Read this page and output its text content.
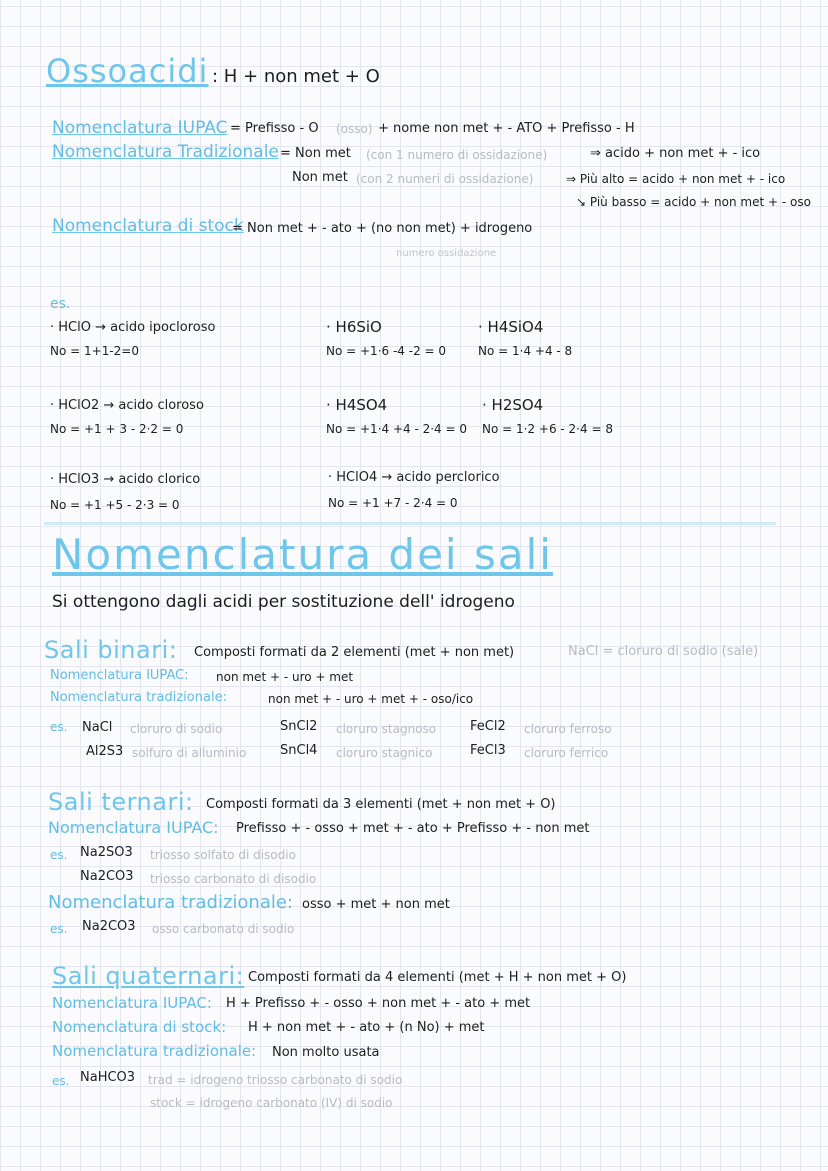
Ossoacidi : H + non met + O
Nomenclatura IUPAC = Prefisso - O (osso) + nome non met + - ATO + Prefisso - H
Nomenclatura Tradizionale = Non met (con 1 numero di ossidazione)	⇒ acido + non met + - ico
Non met (con 2 numeri di ossidazione)	⇒ Più alto = acido + non met + - ico
↘ Più basso = acido + non met + - oso
Nomenclatura di stock
= Non met + - ato + (no non met) + idrogeno
numero ossidazione
es.
· HClO → acido ipocloroso
No = 1+1-2=0
· H6SiO
No = +1·6 -4 -2 = 0
· H4SiO4
No = 1·4 +4 - 8
· HClO2 → acido cloroso
No = +1 + 3 - 2·2 = 0
· H4SO4
No = +1·4 +4 - 2·4 = 0
· H2SO4
No = 1·2 +6 - 2·4 = 8
· HClO3 → acido clorico
No = +1 +5 - 2·3 = 0
· HClO4 → acido perclorico
No = +1 +7 - 2·4 = 0
Nomenclatura dei sali
Si ottengono dagli acidi per sostituzione dell' idrogeno
Sali binari: Composti formati da 2 elementi (met + non met)	NaCl = cloruro di sodio (sale)
Nomenclatura IUPAC: non met + - uro + met
Nomenclatura tradizionale:	non met + - uro + met + - oso/ico
es. NaCl cloruro di sodio	SnCl2 cloruro stagnoso	FeCl2 cloruro ferroso
Al2S3 solfuro di alluminio	SnCl4 cloruro stagnico	FeCl3 cloruro ferrico
Sali ternari: Composti formati da 3 elementi (met + non met + O)
Nomenclatura IUPAC: Prefisso + - osso + met + - ato + Prefisso + - non met
es. Na2SO3 triosso solfato di disodio
Na2CO3 triosso carbonato di disodio
Nomenclatura tradizionale: osso + met + non met
es. Na2CO3 osso carbonato di sodio
Sali quaternari: Composti formati da 4 elementi (met + H + non met + O)
Nomenclatura IUPAC: H + Prefisso + - osso + non met + - ato + met
Nomenclatura di stock: H + non met + - ato + (n No) + met
Nomenclatura tradizionale: Non molto usata
es. NaHCO3 trad = idrogeno triosso carbonato di sodio
stock = idrogeno carbonato (IV) di sodio
